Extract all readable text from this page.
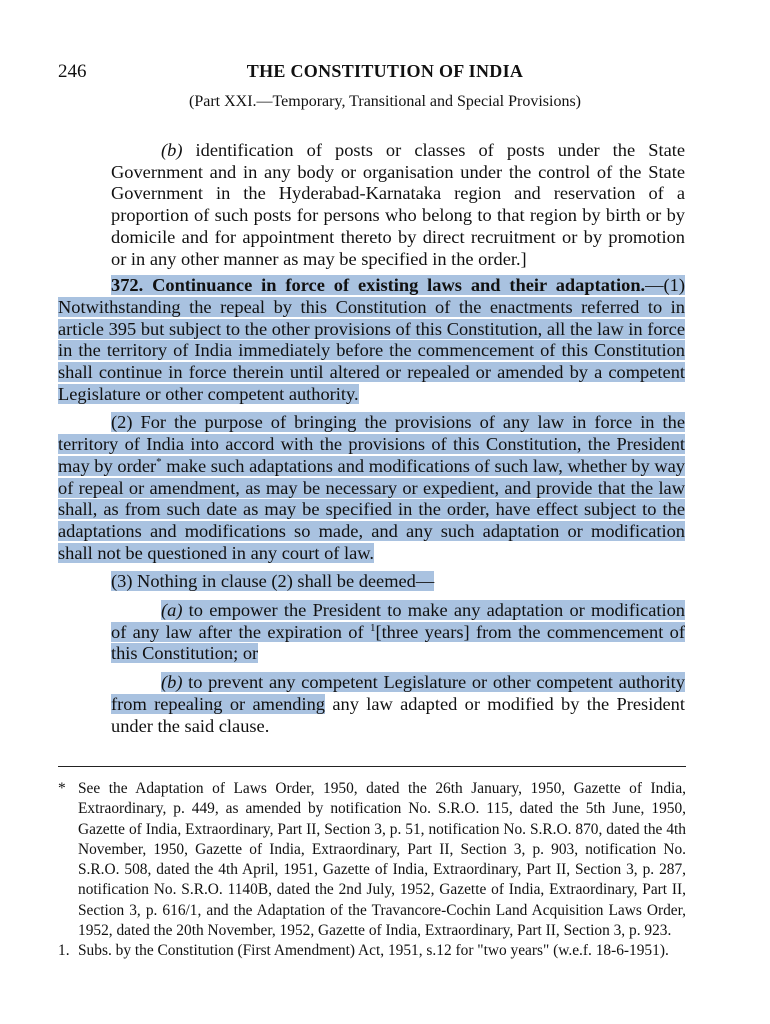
246	THE CONSTITUTION OF INDIA
(Part XXI.—Temporary, Transitional and Special Provisions)

(b) identification of posts or classes of posts under the State Government and in any body or organisation under the control of the State Government in the Hyderabad-Karnataka region and reservation of a proportion of such posts for persons who belong to that region by birth or by domicile and for appointment thereto by direct recruitment or by promotion or in any other manner as may be specified in the order.]

372. Continuance in force of existing laws and their adaptation.—(1) Notwithstanding the repeal by this Constitution of the enactments referred to in article 395 but subject to the other provisions of this Constitution, all the law in force in the territory of India immediately before the commencement of this Constitution shall continue in force therein until altered or repealed or amended by a competent Legislature or other competent authority.

(2) For the purpose of bringing the provisions of any law in force in the territory of India into accord with the provisions of this Constitution, the President may by order* make such adaptations and modifications of such law, whether by way of repeal or amendment, as may be necessary or expedient, and provide that the law shall, as from such date as may be specified in the order, have effect subject to the adaptations and modifications so made, and any such adaptation or modification shall not be questioned in any court of law.

(3) Nothing in clause (2) shall be deemed—

(a) to empower the President to make any adaptation or modification of any law after the expiration of $^1$[three years] from the commencement of this Constitution; or

(b) to prevent any competent Legislature or other competent authority from repealing or amending any law adapted or modified by the President under the said clause.

* See the Adaptation of Laws Order, 1950, dated the 26th January, 1950, Gazette of India, Extraordinary, p. 449, as amended by notification No. S.R.O. 115, dated the 5th June, 1950, Gazette of India, Extraordinary, Part II, Section 3, p. 51, notification No. S.R.O. 870, dated the 4th November, 1950, Gazette of India, Extraordinary, Part II, Section 3, p. 903, notification No. S.R.O. 508, dated the 4th April, 1951, Gazette of India, Extraordinary, Part II, Section 3, p. 287, notification No. S.R.O. 1140B, dated the 2nd July, 1952, Gazette of India, Extraordinary, Part II, Section 3, p. 616/1, and the Adaptation of the Travancore-Cochin Land Acquisition Laws Order, 1952, dated the 20th November, 1952, Gazette of India, Extraordinary, Part II, Section 3, p. 923.

1. Subs. by the Constitution (First Amendment) Act, 1951, s.12 for "two years" (w.e.f. 18-6-1951).
